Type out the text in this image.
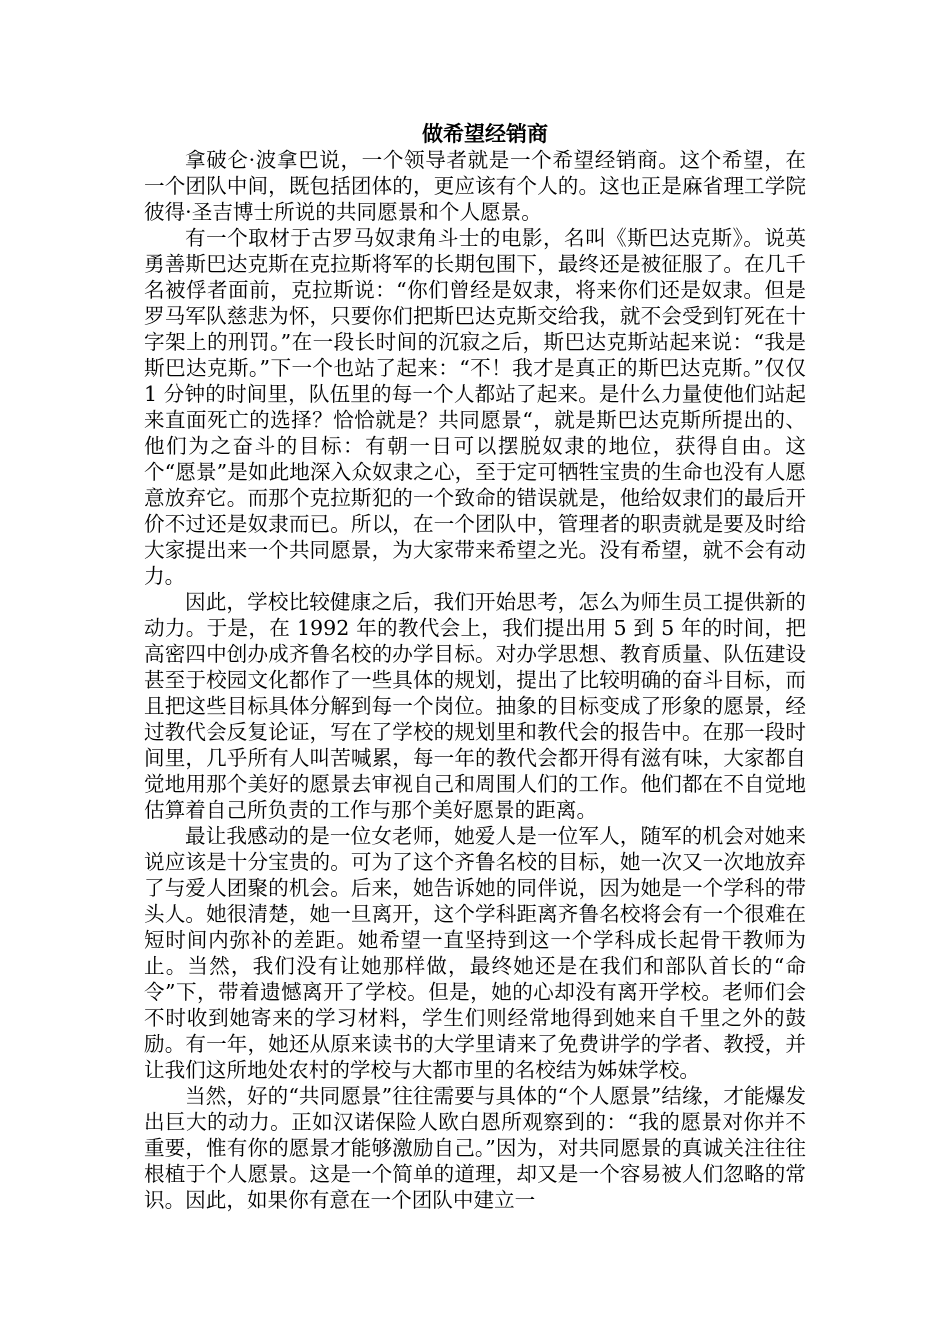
做希望经销商

拿破仑·波拿巴说，一个领导者就是一个希望经销商。这个希望，在一个团队中间，既包括团体的，更应该有个人的。这也正是麻省理工学院彼得·圣吉博士所说的共同愿景和个人愿景。

有一个取材于古罗马奴隶角斗士的电影，名叫《斯巴达克斯》。说英勇善斯巴达克斯在克拉斯将军的长期包围下，最终还是被征服了。在几千名被俘者面前，克拉斯说：“你们曾经是奴隶，将来你们还是奴隶。但是罗马军队慈悲为怀，只要你们把斯巴达克斯交给我，就不会受到钉死在十字架上的刑罚。”在一段长时间的沉寂之后，斯巴达克斯站起来说：“我是斯巴达克斯。”下一个也站了起来：“不！我才是真正的斯巴达克斯。”仅仅 1 分钟的时间里，队伍里的每一个人都站了起来。是什么力量使他们站起来直面死亡的选择？恰恰就是？共同愿景“，就是斯巴达克斯所提出的、他们为之奋斗的目标：有朝一日可以摆脱奴隶的地位，获得自由。这个“愿景”是如此地深入众奴隶之心，至于定可牺牲宝贵的生命也没有人愿意放弃它。而那个克拉斯犯的一个致命的错误就是，他给奴隶们的最后开价不过还是奴隶而已。所以，在一个团队中，管理者的职责就是要及时给大家提出来一个共同愿景，为大家带来希望之光。没有希望，就不会有动力。

因此，学校比较健康之后，我们开始思考，怎么为师生员工提供新的动力。于是，在 1992 年的教代会上，我们提出用 5 到 5 年的时间，把高密四中创办成齐鲁名校的办学目标。对办学思想、教育质量、队伍建设甚至于校园文化都作了一些具体的规划，提出了比较明确的奋斗目标，而且把这些目标具体分解到每一个岗位。抽象的目标变成了形象的愿景，经过教代会反复论证，写在了学校的规划里和教代会的报告中。在那一段时间里，几乎所有人叫苦喊累，每一年的教代会都开得有滋有味，大家都自觉地用那个美好的愿景去审视自己和周围人们的工作。他们都在不自觉地估算着自己所负责的工作与那个美好愿景的距离。

最让我感动的是一位女老师，她爱人是一位军人，随军的机会对她来说应该是十分宝贵的。可为了这个齐鲁名校的目标，她一次又一次地放弃了与爱人团聚的机会。后来，她告诉她的同伴说，因为她是一个学科的带头人。她很清楚，她一旦离开，这个学科距离齐鲁名校将会有一个很难在短时间内弥补的差距。她希望一直坚持到这一个学科成长起骨干教师为止。当然，我们没有让她那样做，最终她还是在我们和部队首长的“命令”下，带着遗憾离开了学校。但是，她的心却没有离开学校。老师们会不时收到她寄来的学习材料，学生们则经常地得到她来自千里之外的鼓励。有一年，她还从原来读书的大学里请来了免费讲学的学者、教授，并让我们这所地处农村的学校与大都市里的名校结为姊妹学校。

当然，好的“共同愿景”往往需要与具体的“个人愿景”结缘，才能爆发出巨大的动力。正如汉诺保险人欧白恩所观察到的：“我的愿景对你并不重要，惟有你的愿景才能够激励自己。”因为，对共同愿景的真诚关注往往根植于个人愿景。这是一个简单的道理，却又是一个容易被人们忽略的常识。因此，如果你有意在一个团队中建立一
